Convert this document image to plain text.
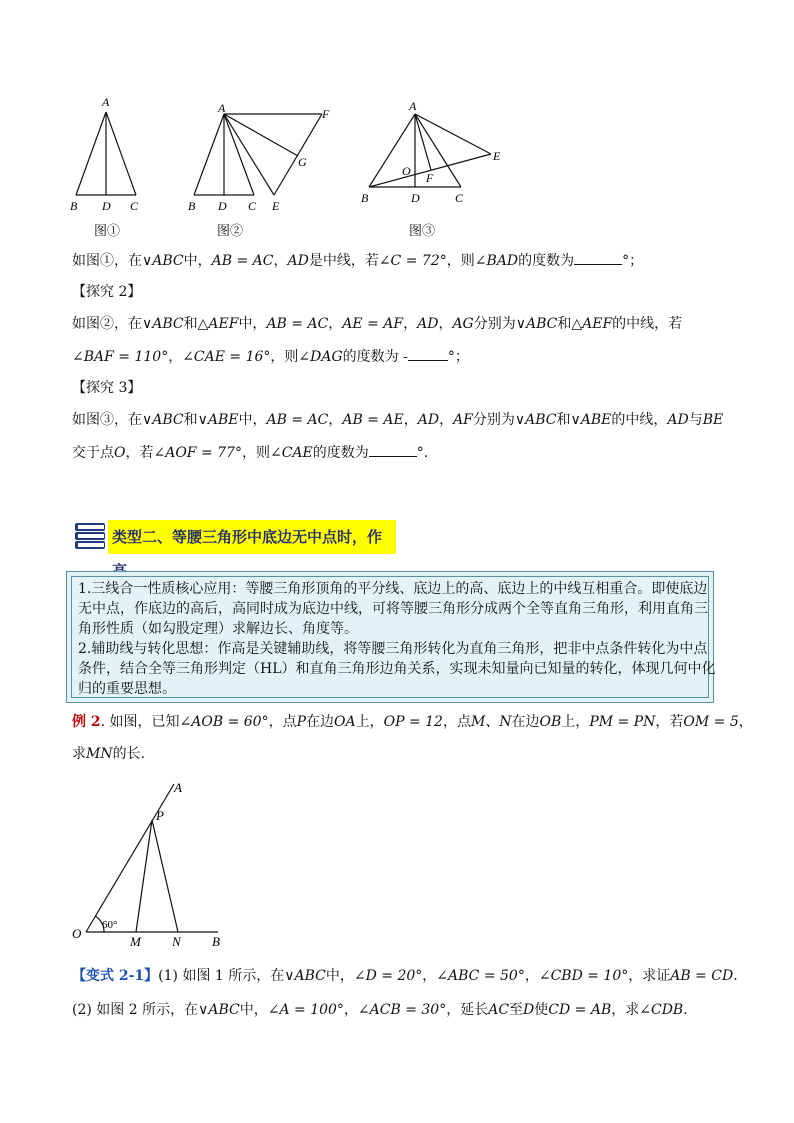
A
B D C
图①
A	F
G
B D C E
图②
A
E
O F
B	D	C
图③
如图①，在∨ABC中，AB = AC，AD是中线，若∠C = 72°，则∠BAD的度数为	°；
【探究 2】
如图②，在∨ABC和△AEF中，AB = AC，AE = AF，AD，AG分别为∨ABC和△AEF的中线，若
∠BAF = 110°，∠CAE = 16°，则∠DAG的度数为 -	°；
【探究 3】
如图③，在∨ABC和∨ABE中，AB = AC，AB = AE，AD，AF分别为∨ABC和∨ABE的中线，AD与BE
交于点O，若∠AOF = 77°，则∠CAE的度数为	°.
类型二、等腰三角形中底边无中点时，作
1.三线合一性质核心应用：等腰三角形顶角的平分线、底边上的高、底边上的中线互相重合。即使底边
无中点，作底边的高后，高同时成为底边中线，可将等腰三角形分成两个全等直角三角形，利用直角三
角形性质（如勾股定理）求解边长、角度等。
2.辅助线与转化思想：作高是关键辅助线，将等腰三角形转化为直角三角形，把非中点条件转化为中点
条件，结合全等三角形判定（HL）和直角三角形边角关系，实现未知量向已知量的转化，体现几何中化
归的重要思想。
例 2. 如图，已知∠AOB = 60°，点P在边OA上，OP = 12，点M、N在边OB上，PM = PN，若OM = 5，
求MN的长.
A
P
O
60°
M N B
【变式 2-1】(1) 如图 1 所示，在∨ABC中，∠D = 20°，∠ABC = 50°，∠CBD = 10°，求证AB = CD.
(2) 如图 2 所示，在∨ABC中，∠A = 100°，∠ACB = 30°，延长AC至D使CD = AB，求∠CDB.
